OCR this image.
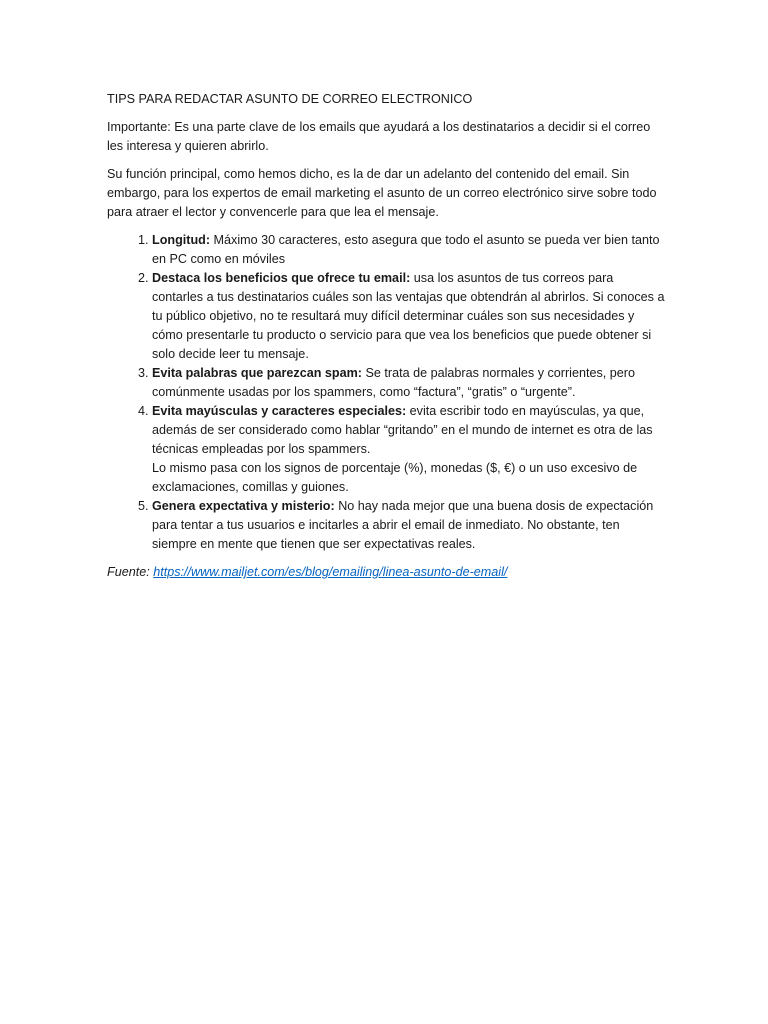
TIPS PARA REDACTAR ASUNTO DE CORREO ELECTRONICO

Importante: Es una parte clave de los emails que ayudará a los destinatarios a decidir si el correo les interesa y quieren abrirlo.

Su función principal, como hemos dicho, es la de dar un adelanto del contenido del email. Sin embargo, para los expertos de email marketing el asunto de un correo electrónico sirve sobre todo para atraer el lector y convencerle para que lea el mensaje.

1. Longitud: Máximo 30 caracteres, esto asegura que todo el asunto se pueda ver bien tanto en PC como en móviles
2. Destaca los beneficios que ofrece tu email: usa los asuntos de tus correos para contarles a tus destinatarios cuáles son las ventajas que obtendrán al abrirlos. Si conoces a tu público objetivo, no te resultará muy difícil determinar cuáles son sus necesidades y cómo presentarle tu producto o servicio para que vea los beneficios que puede obtener si solo decide leer tu mensaje.
3. Evita palabras que parezcan spam: Se trata de palabras normales y corrientes, pero comúnmente usadas por los spammers, como “factura”, “gratis” o “urgente”.
4. Evita mayúsculas y caracteres especiales: evita escribir todo en mayúsculas, ya que, además de ser considerado como hablar “gritando” en el mundo de internet es otra de las técnicas empleadas por los spammers.
Lo mismo pasa con los signos de porcentaje (%), monedas ($, €) o un uso excesivo de exclamaciones, comillas y guiones.
5. Genera expectativa y misterio: No hay nada mejor que una buena dosis de expectación para tentar a tus usuarios e incitarles a abrir el email de inmediato. No obstante, ten siempre en mente que tienen que ser expectativas reales.

Fuente: https://www.mailjet.com/es/blog/emailing/linea-asunto-de-email/
